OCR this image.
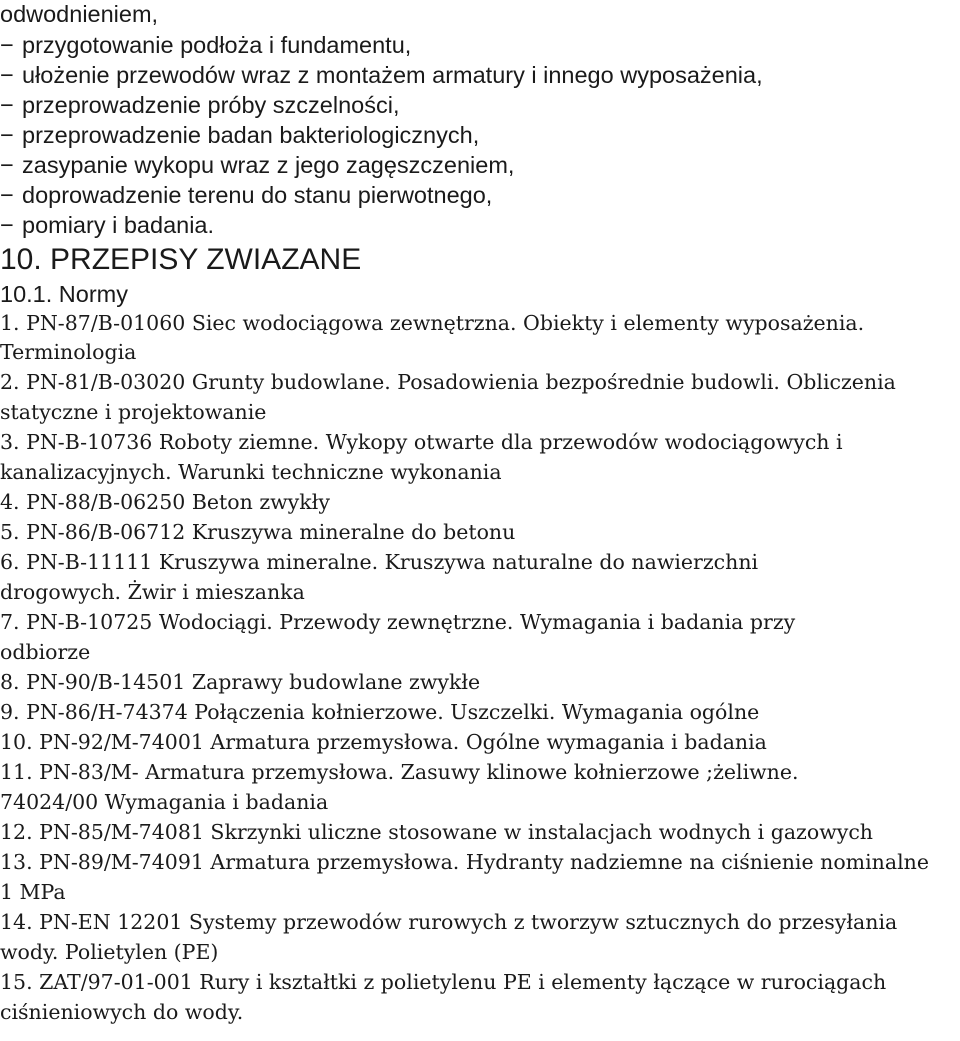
odwodnieniem,
− przygotowanie podłoża i fundamentu,
− ułożenie przewodów wraz z montażem armatury i innego wyposażenia,
− przeprowadzenie próby szczelności,
− przeprowadzenie badan bakteriologicznych,
− zasypanie wykopu wraz z jego zagęszczeniem,
− doprowadzenie terenu do stanu pierwotnego,
− pomiary i badania.
10. PRZEPISY ZWIAZANE
10.1. Normy
1. PN-87/B-01060 Siec wodociągowa zewnętrzna. Obiekty i elementy wyposażenia.
Terminologia
2. PN-81/B-03020 Grunty budowlane. Posadowienia bezpośrednie budowli. Obliczenia
statyczne i projektowanie
3. PN-B-10736 Roboty ziemne. Wykopy otwarte dla przewodów wodociągowych i
kanalizacyjnych. Warunki techniczne wykonania
4. PN-88/B-06250 Beton zwykły
5. PN-86/B-06712 Kruszywa mineralne do betonu
6. PN-B-11111 Kruszywa mineralne. Kruszywa naturalne do nawierzchni
drogowych. Żwir i mieszanka
7. PN-B-10725 Wodociągi. Przewody zewnętrzne. Wymagania i badania przy
odbiorze
8. PN-90/B-14501 Zaprawy budowlane zwykłe
9. PN-86/H-74374 Połączenia kołnierzowe. Uszczelki. Wymagania ogólne
10. PN-92/M-74001 Armatura przemysłowa. Ogólne wymagania i badania
11. PN-83/M- Armatura przemysłowa. Zasuwy klinowe kołnierzowe ;żeliwne.
74024/00 Wymagania i badania
12. PN-85/M-74081 Skrzynki uliczne stosowane w instalacjach wodnych i gazowych
13. PN-89/M-74091 Armatura przemysłowa. Hydranty nadziemne na ciśnienie nominalne
1 MPa
14. PN-EN 12201 Systemy przewodów rurowych z tworzyw sztucznych do przesyłania
wody. Polietylen (PE)
15. ZAT/97-01-001 Rury i kształtki z polietylenu PE i elementy łączące w rurociągach
ciśnieniowych do wody.
